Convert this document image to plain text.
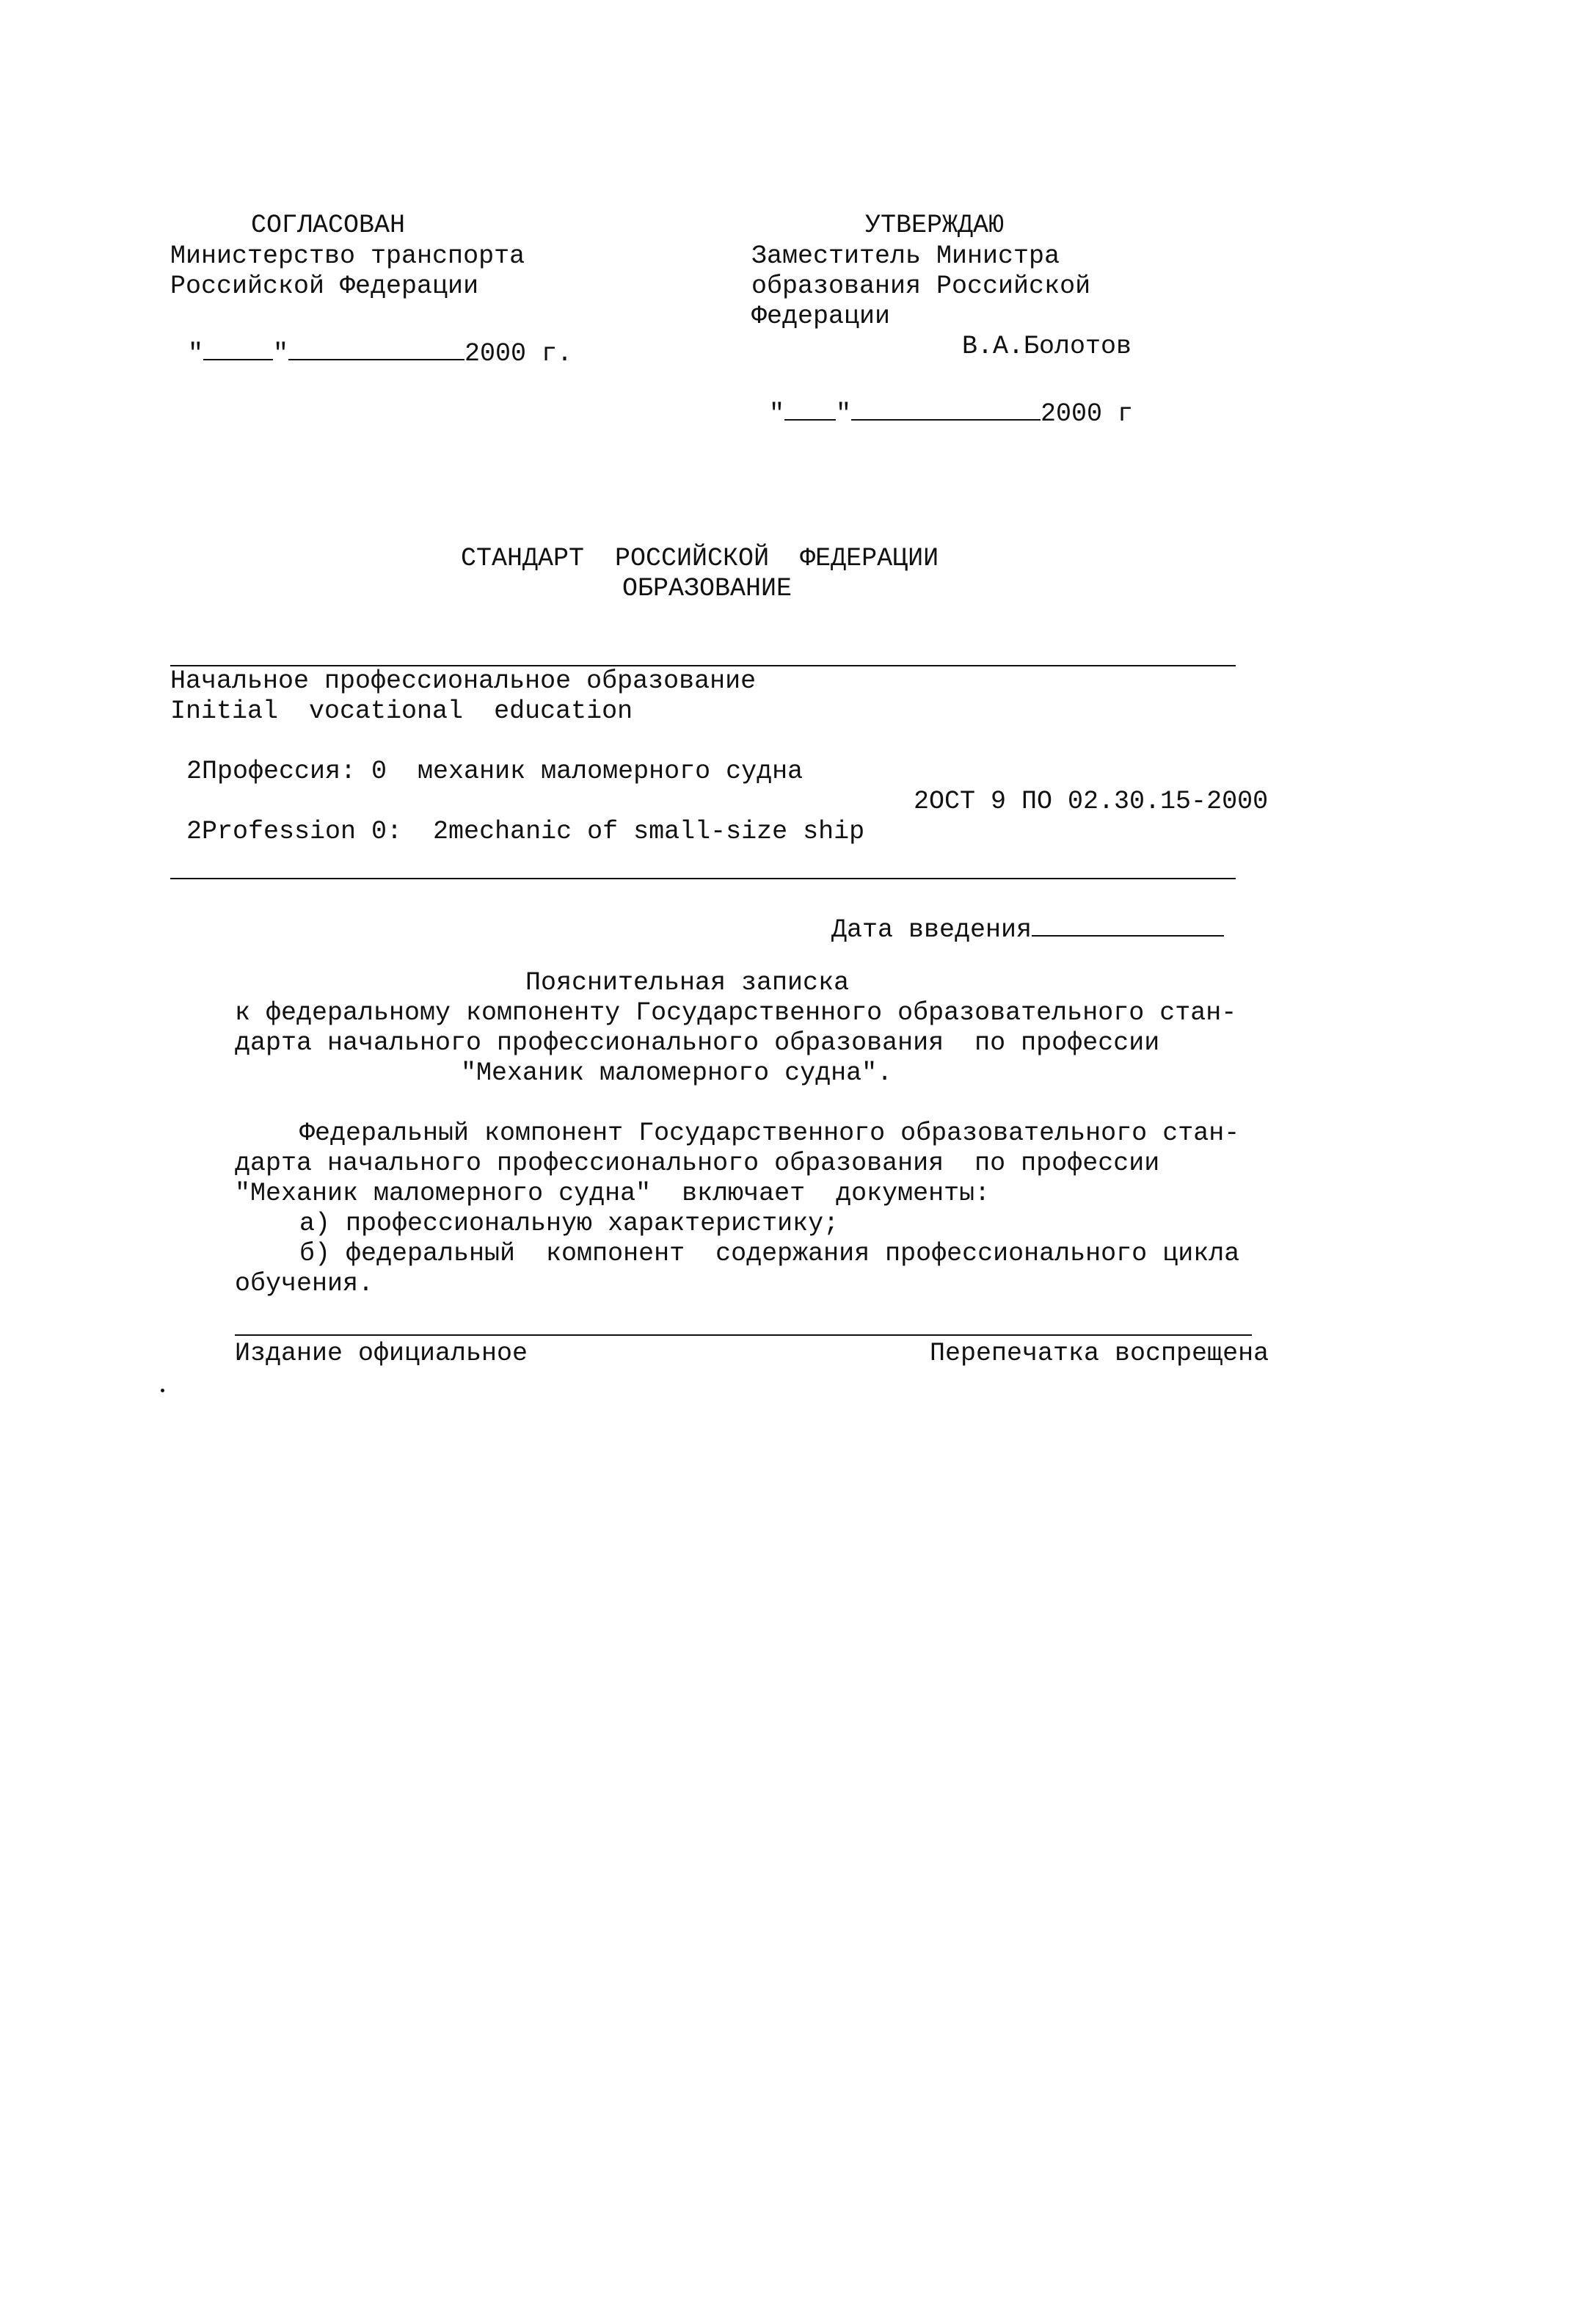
СОГЛАСОВАН
Министерство транспорта
Российской Федерации
"	"	2000 г.
УТВЕРЖДАЮ
Заместитель Министра
образования Российской
Федерации
В.А.Болотов
" "	2000 г
СТАНДАРТ  РОССИЙСКОЙ  ФЕДЕРАЦИИ
ОБРАЗОВАНИЕ
Начальное профессиональное образование
Initial  vocational  education
2Профессия: 0  механик маломерного судна
2ОСТ 9 ПО 02.30.15-2000
2Profession 0:  2mechanic of small-size ship
Дата введения
Пояснительная записка
к федеральному компоненту Государственного образовательного стан-
дарта начального профессионального образования  по профессии
"Механик маломерного судна".
Федеральный компонент Государственного образовательного стан-
дарта начального профессионального образования  по профессии
"Механик маломерного судна"  включает  документы:
а) профессиональную характеристику;
б) федеральный  компонент  содержания профессионального цикла
обучения.
Издание официальное	Перепечатка воспрещена
